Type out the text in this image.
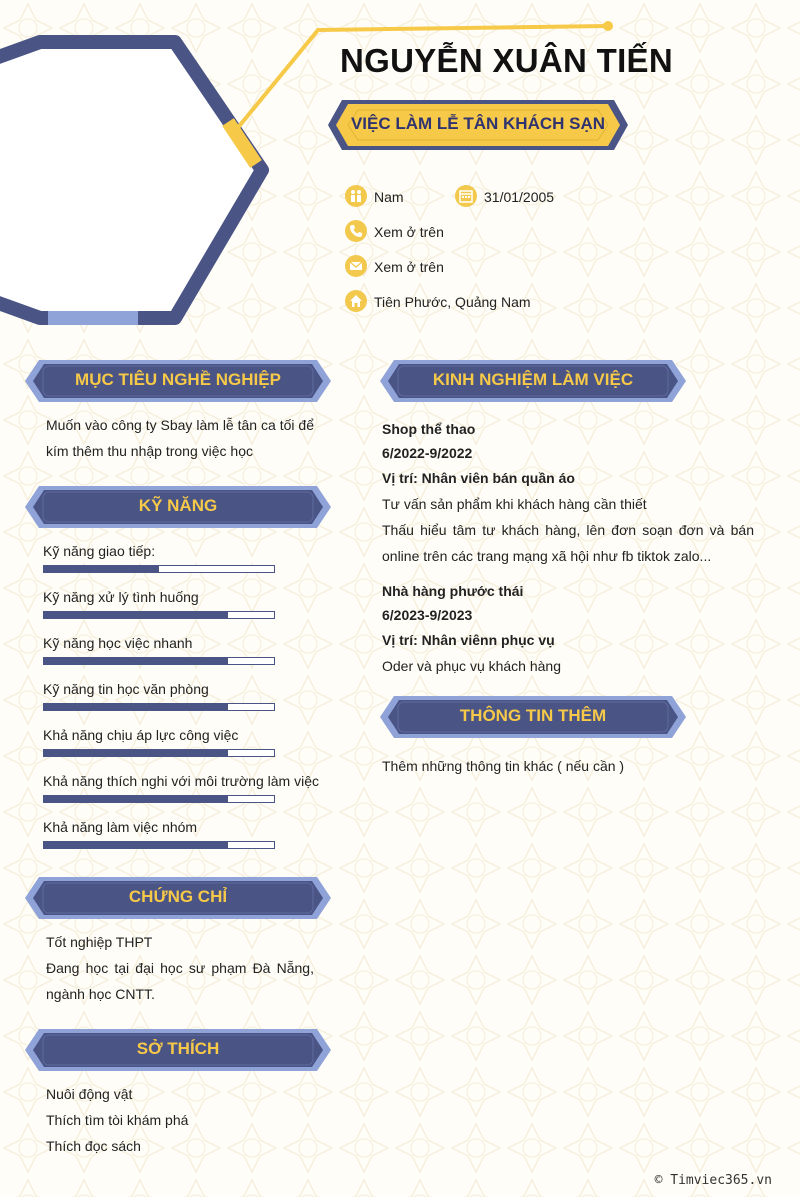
NGUYỄN XUÂN TIẾN
VIỆC LÀM LỄ TÂN KHÁCH SẠN
Nam	31/01/2005
Xem ở trên
Xem ở trên
Tiên Phước, Quảng Nam
MỤC TIÊU NGHỀ NGHIỆP
Muốn vào công ty Sbay làm lễ tân ca tối để kím thêm thu nhập trong việc học
KỸ NĂNG
Kỹ năng giao tiếp:
Kỹ năng xử lý tình huống
Kỹ năng học việc nhanh
Kỹ năng tin học văn phòng
Khả năng chịu áp lực công việc
Khả năng thích nghi với môi trường làm việc
Khả năng làm việc nhóm
CHỨNG CHỈ
Tốt nghiệp THPT
Đang học tại đại học sư phạm Đà Nẵng, ngành học CNTT.
SỞ THÍCH
Nuôi động vật
Thích tìm tòi khám phá
Thích đọc sách
KINH NGHIỆM LÀM VIỆC
Shop thể thao
6/2022-9/2022
Vị trí: Nhân viên bán quần áo
Tư vấn sản phẩm khi khách hàng cần thiết
Thấu hiểu tâm tư khách hàng, lên đơn soạn đơn và bán online trên các trang mạng xã hội như fb tiktok zalo...
Nhà hàng phước thái
6/2023-9/2023
Vị trí: Nhân viênn phục vụ
Oder và phục vụ khách hàng
THÔNG TIN THÊM
Thêm những thông tin khác ( nếu cần )
© Timviec365.vn
